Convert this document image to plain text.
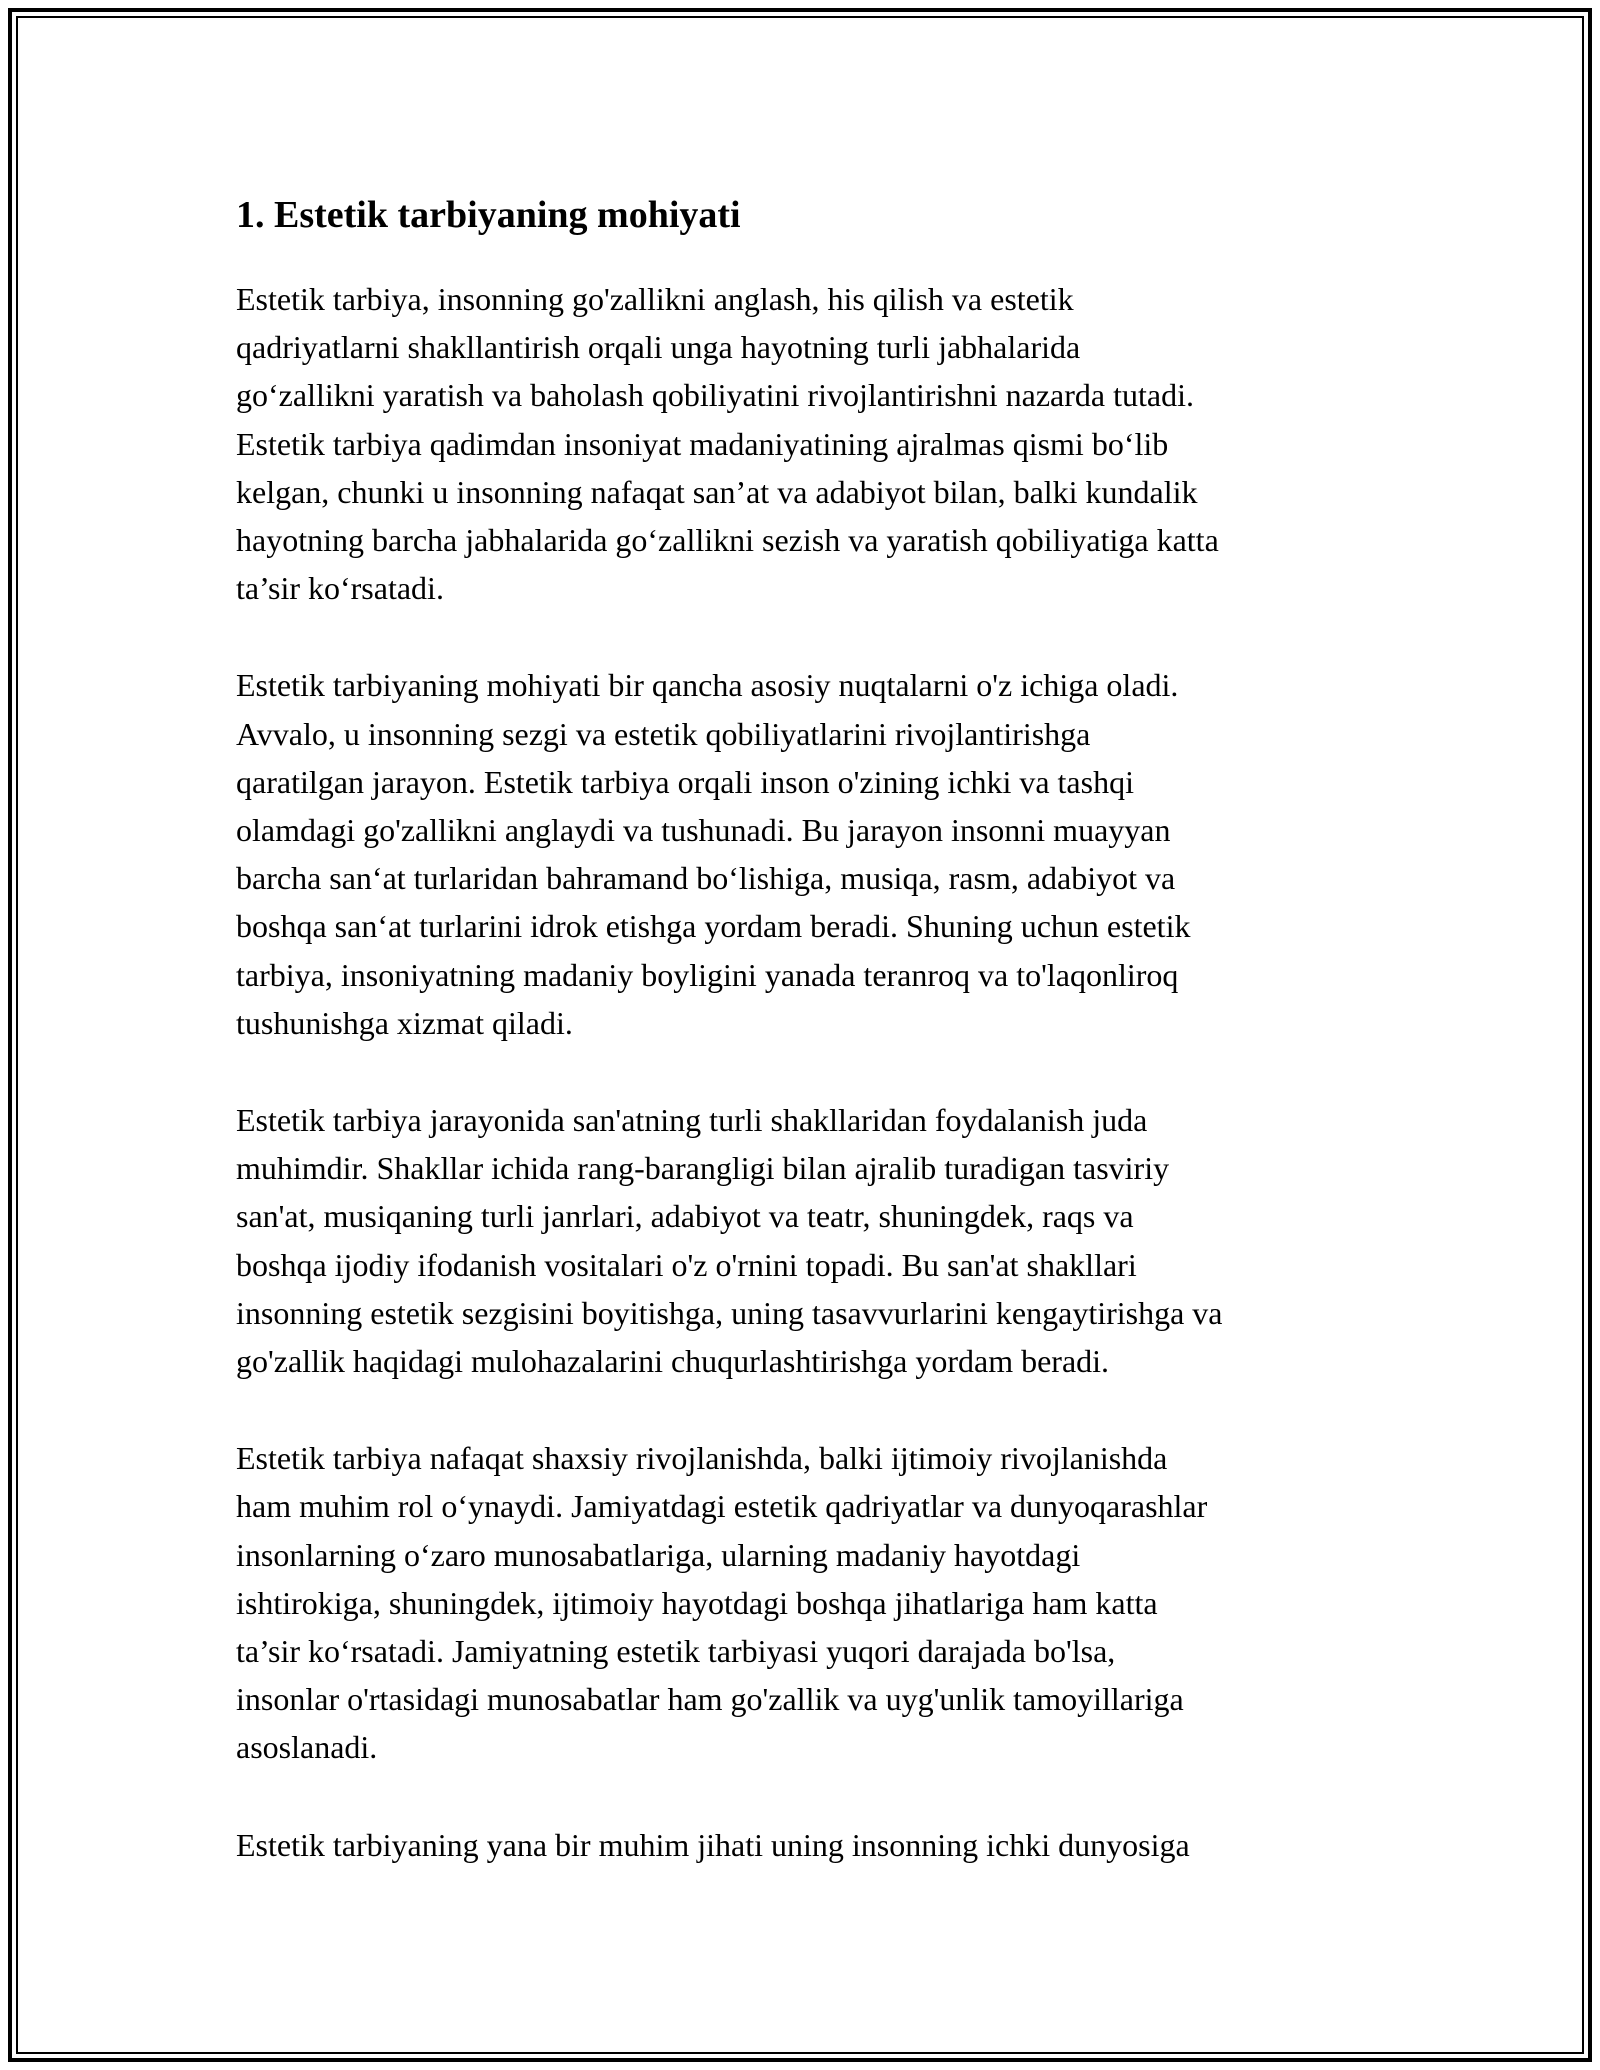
1. Estetik tarbiyaning mohiyati

Estetik tarbiya, insonning go'zallikni anglash, his qilish va estetik
qadriyatlarni shakllantirish orqali unga hayotning turli jabhalarida
go‘zallikni yaratish va baholash qobiliyatini rivojlantirishni nazarda tutadi.
Estetik tarbiya qadimdan insoniyat madaniyatining ajralmas qismi bo‘lib
kelgan, chunki u insonning nafaqat san’at va adabiyot bilan, balki kundalik
hayotning barcha jabhalarida go‘zallikni sezish va yaratish qobiliyatiga katta
ta’sir ko‘rsatadi.

Estetik tarbiyaning mohiyati bir qancha asosiy nuqtalarni o'z ichiga oladi.
Avvalo, u insonning sezgi va estetik qobiliyatlarini rivojlantirishga
qaratilgan jarayon. Estetik tarbiya orqali inson o'zining ichki va tashqi
olamdagi go'zallikni anglaydi va tushunadi. Bu jarayon insonni muayyan
barcha san‘at turlaridan bahramand bo‘lishiga, musiqa, rasm, adabiyot va
boshqa san‘at turlarini idrok etishga yordam beradi. Shuning uchun estetik
tarbiya, insoniyatning madaniy boyligini yanada teranroq va to'laqonliroq
tushunishga xizmat qiladi.

Estetik tarbiya jarayonida san'atning turli shakllaridan foydalanish juda
muhimdir. Shakllar ichida rang-barangligi bilan ajralib turadigan tasviriy
san'at, musiqaning turli janrlari, adabiyot va teatr, shuningdek, raqs va
boshqa ijodiy ifodanish vositalari o'z o'rnini topadi. Bu san'at shakllari
insonning estetik sezgisini boyitishga, uning tasavvurlarini kengaytirishga va
go'zallik haqidagi mulohazalarini chuqurlashtirishga yordam beradi.

Estetik tarbiya nafaqat shaxsiy rivojlanishda, balki ijtimoiy rivojlanishda
ham muhim rol o‘ynaydi. Jamiyatdagi estetik qadriyatlar va dunyoqarashlar
insonlarning o‘zaro munosabatlariga, ularning madaniy hayotdagi
ishtirokiga, shuningdek, ijtimoiy hayotdagi boshqa jihatlariga ham katta
ta’sir ko‘rsatadi. Jamiyatning estetik tarbiyasi yuqori darajada bo'lsa,
insonlar o'rtasidagi munosabatlar ham go'zallik va uyg'unlik tamoyillariga
asoslanadi.

Estetik tarbiyaning yana bir muhim jihati uning insonning ichki dunyosiga
